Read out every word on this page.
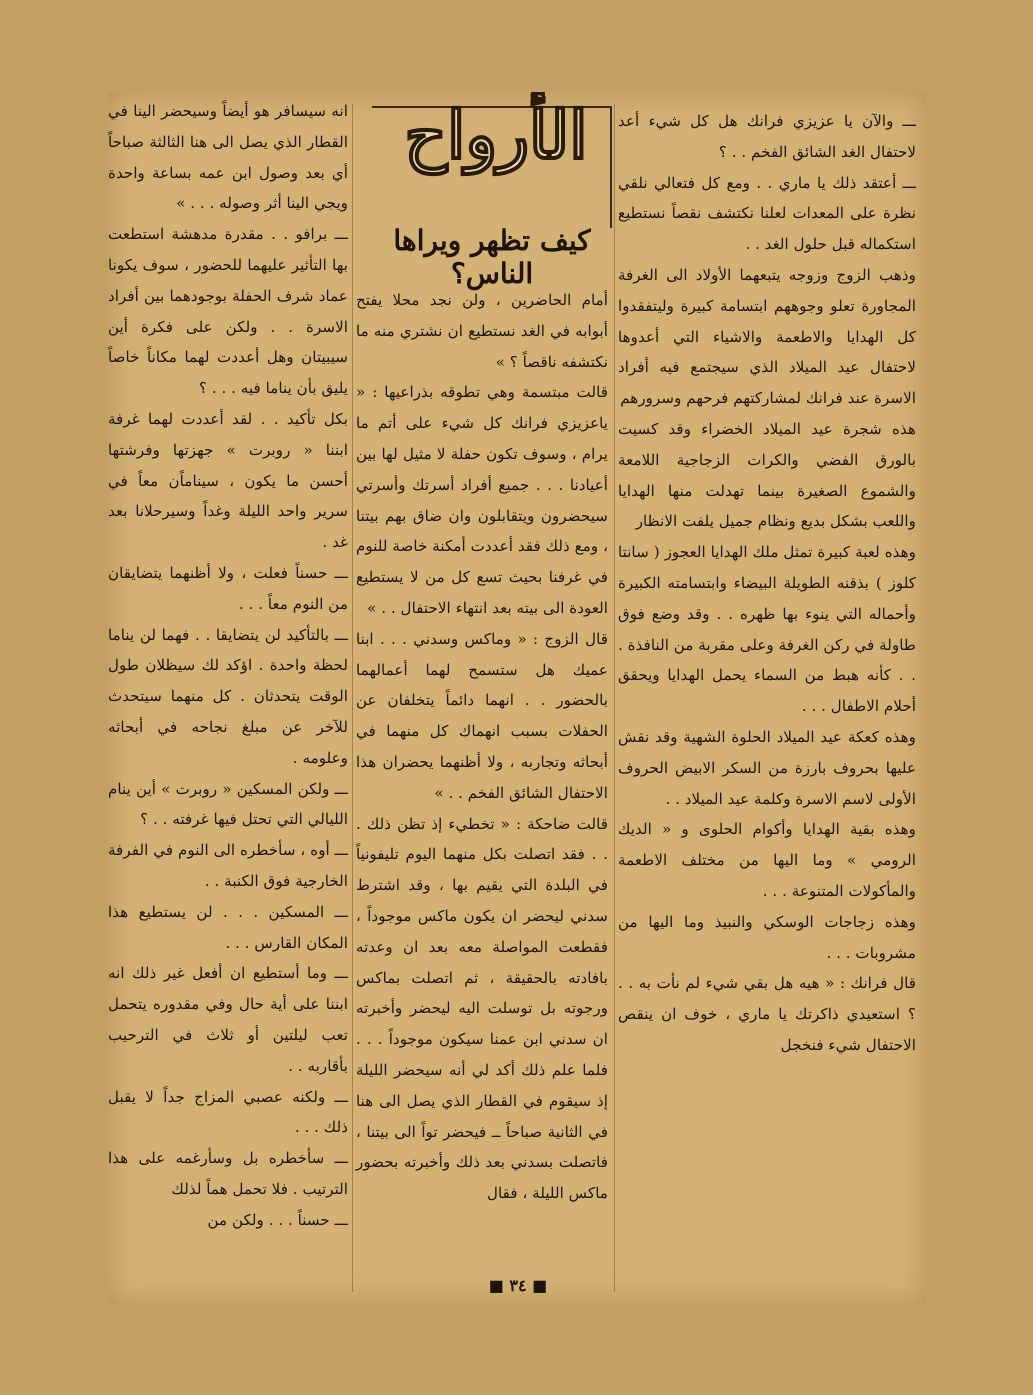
الأرواح
كيف تظهر ويراها الناس؟

ـــ والآن يا عزيزي فرانك هل كل شيء أعد لاحتفال الغد الشائق الفخم . . ؟

ـــ أعتقد ذلك يا ماري . . ومع كل فتعالي نلقي نظرة على المعدات لعلنا نكتشف نقصاً نستطيع استكماله قبل حلول الغد . .

وذهب الزوج وزوجه يتبعهما الأولاد الى الغرفة المجاورة تعلو وجوههم ابتسامة كبيرة وليتفقدوا كل الهدايا والاطعمة والاشياء التي أعدوها لاحتفال عيد الميلاد الذي سيجتمع فيه أفراد الاسرة عند فرانك لمشاركتهم فرحهم وسرورهم

هذه شجرة عيد الميلاد الخضراء وقد كسيت بالورق الفضي والكرات الزجاجية اللامعة والشموع الصغيرة بينما تهدلت منها الهدايا واللعب بشكل بديع ونظام جميل يلفت الانظار

وهذه لعبة كبيرة تمثل ملك الهدايا العجوز ( سانتا كلوز ) بذقنه الطويلة البيضاء وابتسامته الكبيرة وأحماله التي ينوء بها ظهره . . وقد وضع فوق طاولة في ركن الغرفة وعلى مقربة من النافذة . . . كأنه هبط من السماء يحمل الهدايا ويحقق أحلام الاطفال . . .

وهذه كعكة عيد الميلاد الحلوة الشهية وقد نقش عليها بحروف بارزة من السكر الابيض الحروف الأولى لاسم الاسرة وكلمة عيد الميلاد . .

وهذه بقية الهدايا وأكوام الحلوى و « الديك الرومي » وما اليها من مختلف الاطعمة والمأكولات المتنوعة . . .

وهذه زجاجات الوسكي والنبيذ وما اليها من مشروبات . . .

قال فرانك : « هيه هل بقي شيء لم نأت به . . ؟ استعيدي ذاكرتك يا ماري ، خوف ان ينقص الاحتفال شيء فنخجل

أمام الحاضرين ، ولن نجد محلا يفتح أبوابه في الغد نستطيع ان نشتري منه ما نكتشفه ناقصاً ؟ »

قالت مبتسمة وهي تطوقه بذراعيها : « ياعزيزي فرانك كل شيء على أتم ما يرام ، وسوف تكون حفلة لا مثيل لها بين أعيادنا . . . جميع أفراد أسرتك وأسرتي سيحضرون ويتقابلون وان ضاق بهم بيتنا ، ومع ذلك فقد أعددت أمكنة خاصة للنوم في غرفنا بحيث تسع كل من لا يستطيع العودة الى بيته بعد انتهاء الاحتفال . . »

قال الزوج : « وماكس وسدني . . . ابنا عميك هل ستسمح لهما أعمالهما بالحضور . . انهما دائماً يتخلفان عن الحفلات بسبب انهماك كل منهما في أبحاثه وتجاربه ، ولا أظنهما يحضران هذا الاحتفال الشائق الفخم . . »

قالت ضاحكة : « تخطيء إذ تظن ذلك . . . فقد اتصلت بكل منهما اليوم تليفونياً في البلدة التي يقيم بها ، وقد اشترط سدني ليحضر ان يكون ماكس موجوداً ، فقطعت المواصلة معه بعد ان وعدته بافادته بالحقيقة ، ثم اتصلت بماكس ورجوته بل توسلت اليه ليحضر وأخبرته ان سدني ابن عمنا سيكون موجوداً . . . فلما علم ذلك أكد لي أنه سيحضر الليلة إذ سيقوم في القطار الذي يصل الى هنا في الثانية صباحاً ــ فيحضر تواً الى بيتنا ، فاتصلت بسدني بعد ذلك وأخبرته بحضور ماكس الليلة ، فقال

انه سيسافر هو أيضاً وسيحضر الينا في القطار الذي يصل الى هنا الثالثة صباحاً أي بعد وصول ابن عمه بساعة واحدة ويجي الينا أثر وصوله . . . »

ـــ برافو . . مقدرة مدهشة استطعت بها التأثير عليهما للحضور ، سوف يكونا عماد شرف الحفلة بوجودهما بين أفراد الاسرة . . ولكن على فكرة أين سيبيتان وهل أعددت لهما مكاناً خاصاً يليق بأن يناما فيه . . . ؟

بكل تأكيد . . لقد أعددت لهما غرفة ابننا « روبرت » جهزتها وفرشتها أحسن ما يكون ، سيناماًن معاً في سرير واحد الليلة وغداً وسيرحلانا بعد غد .

ـــ حسناً فعلت ، ولا أظنهما يتضايقان من النوم معاً . . .

ـــ بالتأكيد لن يتضايقا . . فهما لن يناما لحظة واحدة . اؤكد لك سيظلان طول الوقت يتحدثان . كل منهما سيتحدث للآخر عن مبلغ نجاحه في أبحاثه وعلومه .

ـــ ولكن المسكين « روبرت » أين ينام الليالي التي تحتل فيها غرفته . . ؟

ـــ أوه ، سأخطره الى النوم في الفرفة الخارجية فوق الكنبة . .

ـــ المسكين . . . لن يستطيع هذا المكان القارس . . .

ـــ وما أستطيع ان أفعل غير ذلك انه ابننا على أية حال وفي مقدوره يتحمل تعب ليلتين أو ثلاث في الترحيب بأقاربه . .

ـــ ولكنه عصبي المزاج جداً لا يقبل ذلك . . .

ـــ سأخطره بل وسأرغمه على هذا الترتيب . فلا تحمل هماً لذلك

ـــ حسناً . . . ولكن من

■ ٣٤ ■
